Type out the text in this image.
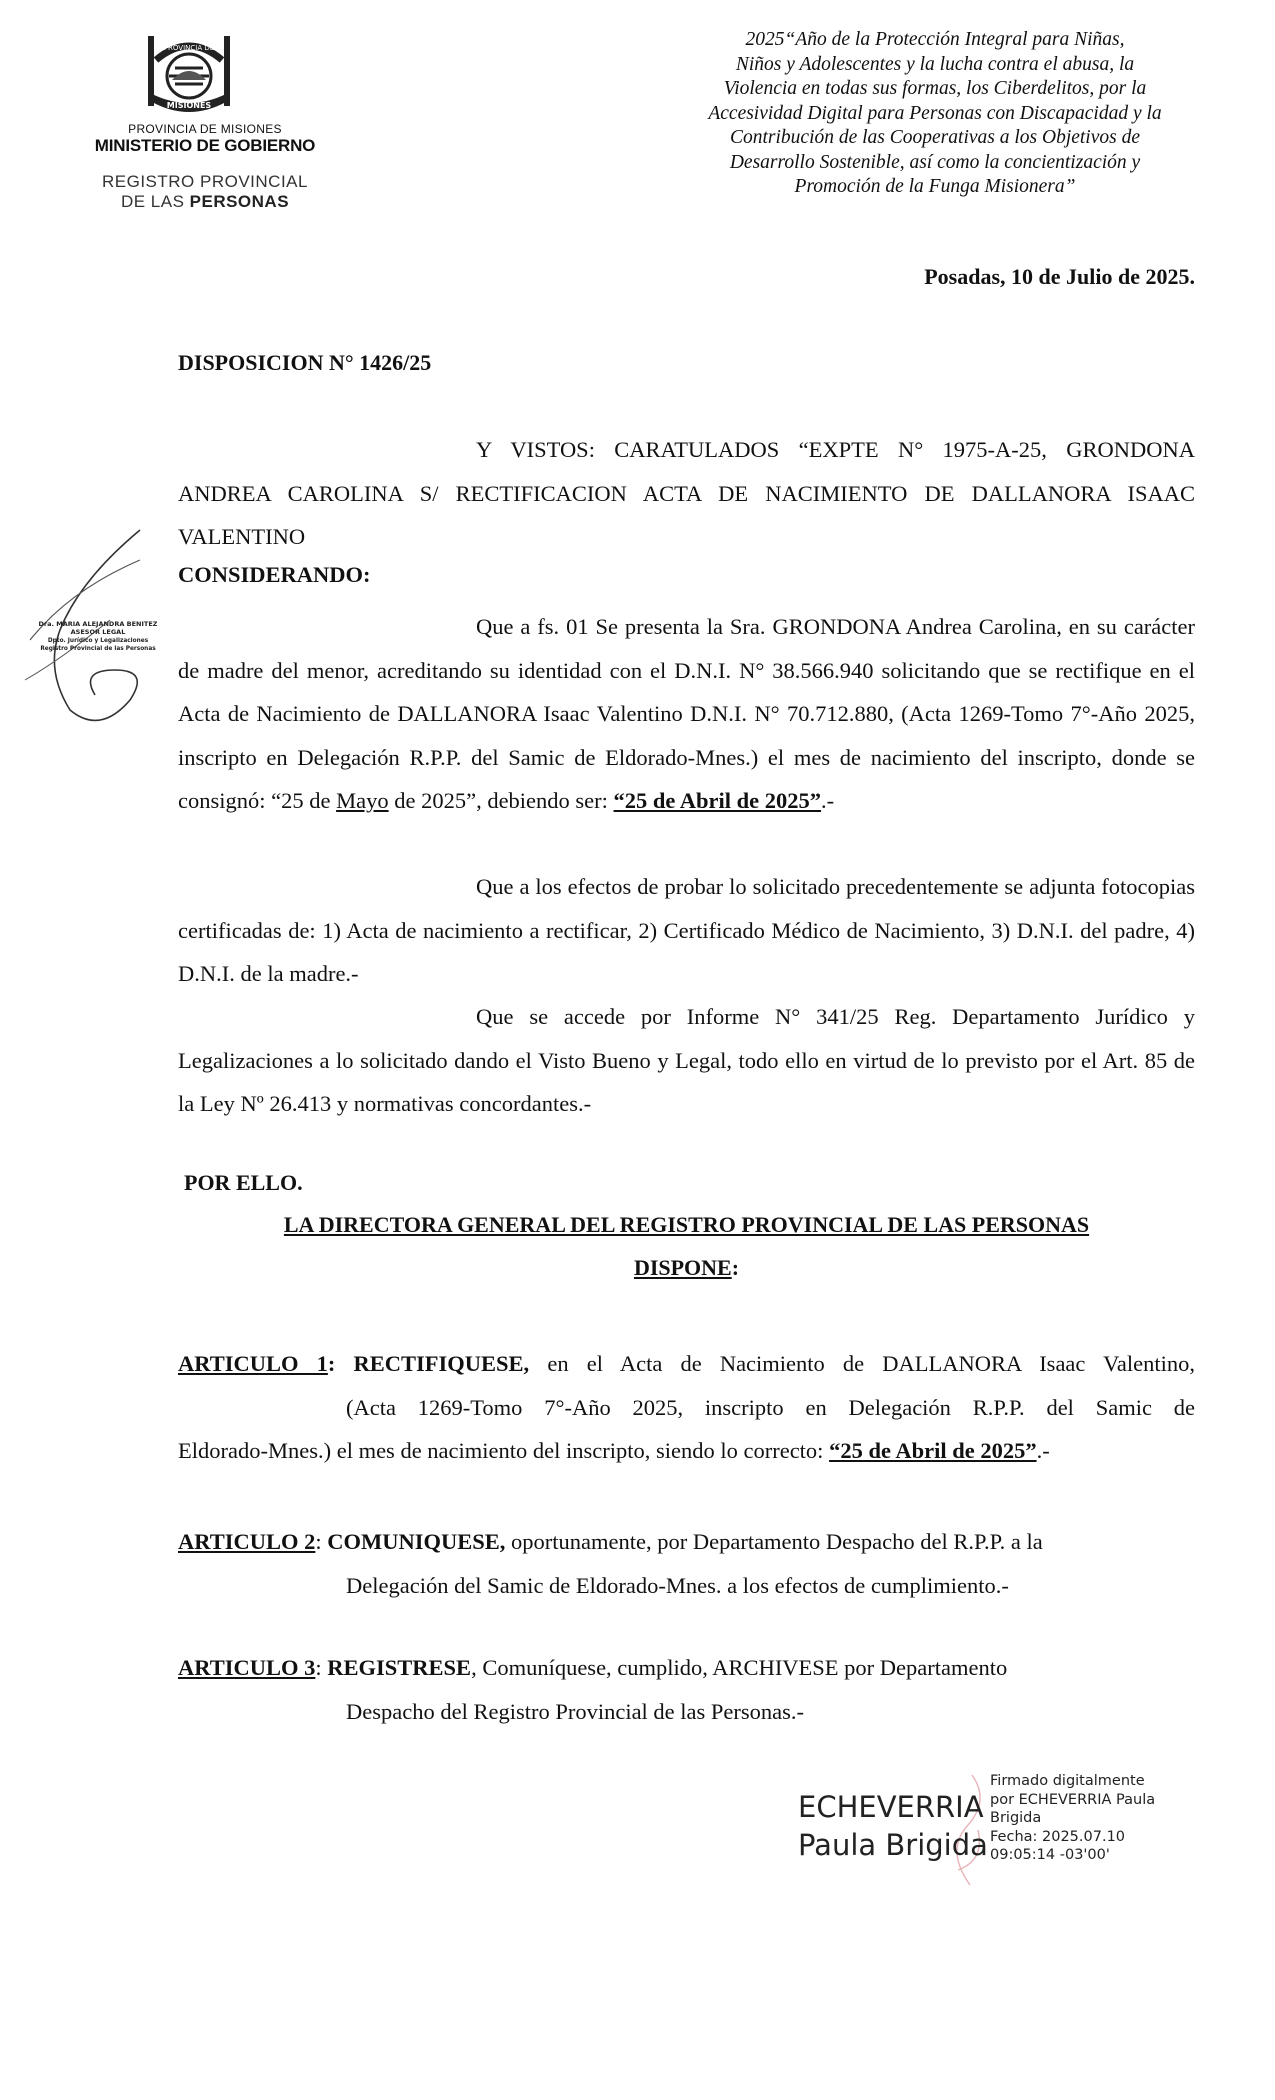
PROVINCIA DE
MISIONES
PROVINCIA DE MISIONES
MINISTERIO DE GOBIERNO
REGISTRO PROVINCIAL
DE LAS PERSONAS
2025“Año de la Protección Integral para Niñas,
Niños y Adolescentes y la lucha contra el abusa, la
Violencia en todas sus formas, los Ciberdelitos, por la
Accesividad Digital para Personas con Discapacidad y la
Contribución de las Cooperativas a los Objetivos de
Desarrollo Sostenible, así como la concientización y
Promoción de la Funga Misionera”
Posadas, 10 de Julio de 2025.
DISPOSICION N° 1426/25
Y VISTOS: CARATULADOS “EXPTE N° 1975-A-25, GRONDONA ANDREA CAROLINA S/ RECTIFICACION ACTA DE NACIMIENTO DE DALLANORA ISAAC VALENTINO
CONSIDERANDO:
Que a fs. 01 Se presenta la Sra. GRONDONA Andrea Carolina, en su carácter de madre del menor, acreditando su identidad con el D.N.I. N° 38.566.940 solicitando que se rectifique en el Acta de Nacimiento de DALLANORA Isaac Valentino D.N.I. N° 70.712.880, (Acta 1269-Tomo 7°-Año 2025, inscripto en Delegación R.P.P. del Samic de Eldorado-Mnes.) el mes de nacimiento del inscripto, donde se consignó: “25 de Mayo de 2025”, debiendo ser: “25 de Abril de 2025”.-
Que a los efectos de probar lo solicitado precedentemente se adjunta fotocopias certificadas de: 1) Acta de nacimiento a rectificar, 2) Certificado Médico de Nacimiento, 3) D.N.I. del padre, 4) D.N.I. de la madre.-
Que se accede por Informe N° 341/25 Reg. Departamento Jurídico y Legalizaciones a lo solicitado dando el Visto Bueno y Legal, todo ello en virtud de lo previsto por el Art. 85 de la Ley Nº 26.413 y normativas concordantes.-
POR ELLO.
LA DIRECTORA GENERAL DEL REGISTRO PROVINCIAL DE LAS PERSONAS
DISPONE:
ARTICULO 1: RECTIFIQUESE, en el Acta de Nacimiento de DALLANORA Isaac Valentino,
(Acta 1269-Tomo 7°-Año 2025, inscripto en Delegación R.P.P. del Samic de
Eldorado-Mnes.) el mes de nacimiento del inscripto, siendo lo correcto: “25 de Abril de 2025”.-
ARTICULO 2: COMUNIQUESE, oportunamente, por Departamento Despacho del R.P.P. a la
Delegación del Samic de Eldorado-Mnes. a los efectos de cumplimiento.-
ARTICULO 3: REGISTRESE, Comuníquese, cumplido, ARCHIVESE por Departamento
Despacho del Registro Provincial de las Personas.-
Dra. MARIA ALEJANDRA BENITEZ
ASESOR LEGAL
Dpto. Jurídico y Legalizaciones
Registro Provincial de las Personas
ECHEVERRIA
Paula Brigida
Firmado digitalmente
por ECHEVERRIA Paula
Brigida
Fecha: 2025.07.10
09:05:14 -03'00'
